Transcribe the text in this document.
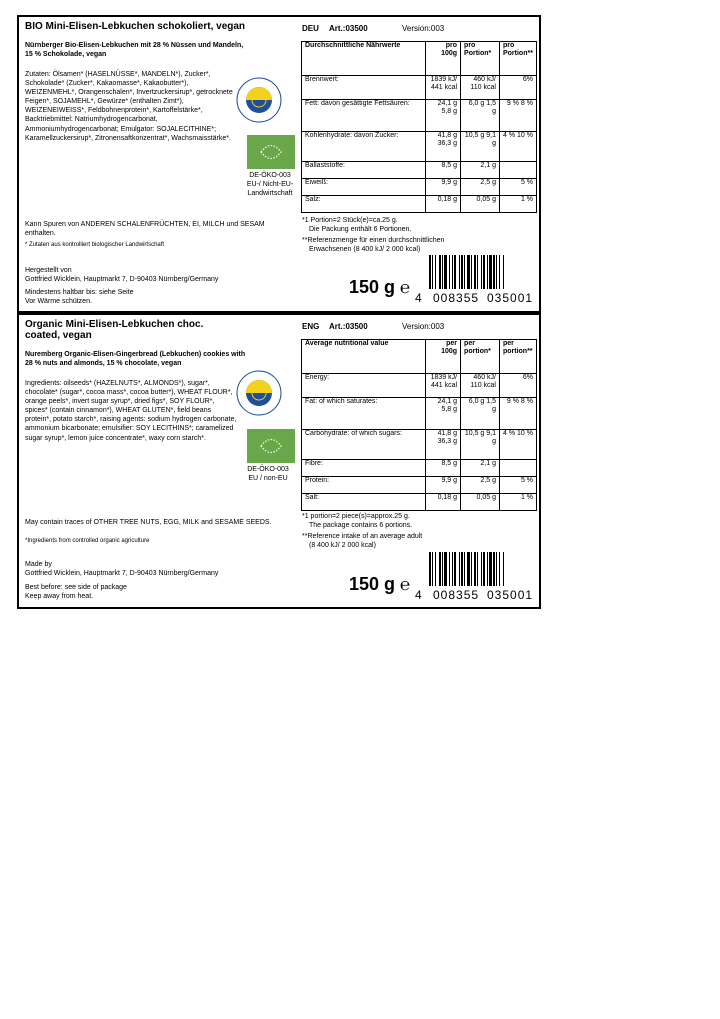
BIO Mini-Elisen-Lebkuchen schokoliert, vegan
Nürnberger Bio-Elisen-Lebkuchen mit 28 % Nüssen und Mandeln, 15 % Schokolade, vegan
Zutaten: Ölsamen* (HASELNÜSSE*, MANDELN*), Zucker*, Schokolade* (Zucker*, Kakaomasse*, Kakaobutter*), WEIZENMEHL*, Orangenschalen*, Invertzuckersirup*, getrocknete Feigen*, SOJAMEHL*, Gewürze* (enthalten Zimt*), WEIZENEIWEISS*, Feldbohnenprotein*, Kartoffelstärke*, Backtriebmittel: Natriumhydrogencarbonat, Ammoniumhydrogencarbonat; Emulgator: SOJALECITHINE*; Karamellzuckersirup*, Zitronensaftkonzentrat*, Wachsmaisstärke*.
DE-ÖKO-003 EU-/ Nicht-EU-Landwirtschaft
Kann Spuren von ANDEREN SCHALENFRÜCHTEN, EI, MILCH und SESAM enthalten.
* Zutaten aus kontrolliert biologischer Landwirtschaft
Hergestellt von
Gottfried Wicklein, Hauptmarkt 7, D-90403 Nürnberg/Germany
Mindestens haltbar bis: siehe Seite
Vor Wärme schützen.
DEU Art.:03500	Version:003
Durchschnittliche Nährwerte	pro 100g	pro Portion*	pro Portion**
Brennwert:	1839 kJ/ 441 kcal	460 kJ/ 110 kcal	6%
Fett: davon gesättigte Fettsäuren:	24,1 g 5,8 g	6,0 g 1,5 g	9 % 8 %
Kohlenhydrate: davon Zucker:	41,8 g 36,3 g	10,5 g 9,1 g	4 % 10 %
Ballaststoffe:	8,5 g	2,1 g	
Eiweiß:	9,9 g	2,5 g	5 %
Salz:	0,18 g	0,05 g	1 %
*1 Portion=2 Stück(e)=ca.25 g.
Die Packung enthält 6 Portionen.
**Referenzmenge für einen durchschnittlichen
Erwachsenen (8 400 kJ/ 2 000 kcal)
150 g ℮
4 008355 035001
Organic Mini-Elisen-Lebkuchen choc. coated, vegan
Nuremberg Organic-Elisen-Gingerbread (Lebkuchen) cookies with 28 % nuts and almonds, 15 % chocolate, vegan
Ingredients: oilseeds* (HAZELNUTS*, ALMONDS*), sugar*, chocolate* (sugar*, cocoa mass*, cocoa butter*), WHEAT FLOUR*, orange peels*, invert sugar syrup*, dried figs*, SOY FLOUR*, spices* (contain cinnamon*), WHEAT GLUTEN*, field beans protein*, potato starch*, raising agents: sodium hydrogen carbonate, ammonium bicarbonate; emulsifier: SOY LECITHINS*; caramelized sugar syrup*, lemon juice concentrate*, waxy corn starch*.
DE-ÖKO-003 EU / non-EU
May contain traces of OTHER TREE NUTS, EGG, MILK and SESAME SEEDS.
*Ingredients from controlled organic agriculture
Made by
Gottfried Wicklein, Hauptmarkt 7, D-90403 Nürnberg/Germany
Best before: see side of package
Keep away from heat.
ENG Art.:03500	Version:003
Average nutritional value	per 100g	per portion*	per portion**
Energy:	1839 kJ/ 441 kcal	460 kJ/ 110 kcal	6%
Fat: of which saturates:	24,1 g 5,8 g	6,0 g 1,5 g	9 % 8 %
Carbohydrate: of which sugars:	41,8 g 36,3 g	10,5 g 9,1 g	4 % 10 %
Fibre:	8,5 g	2,1 g	
Protein:	9,9 g	2,5 g	5 %
Salt:	0,18 g	0,05 g	1 %
*1 portion=2 piece(s)=approx.25 g.
The package contains 6 portions.
**Reference intake of an average adult
(8 400 kJ/ 2 000 kcal)
150 g ℮
4 008355 035001
